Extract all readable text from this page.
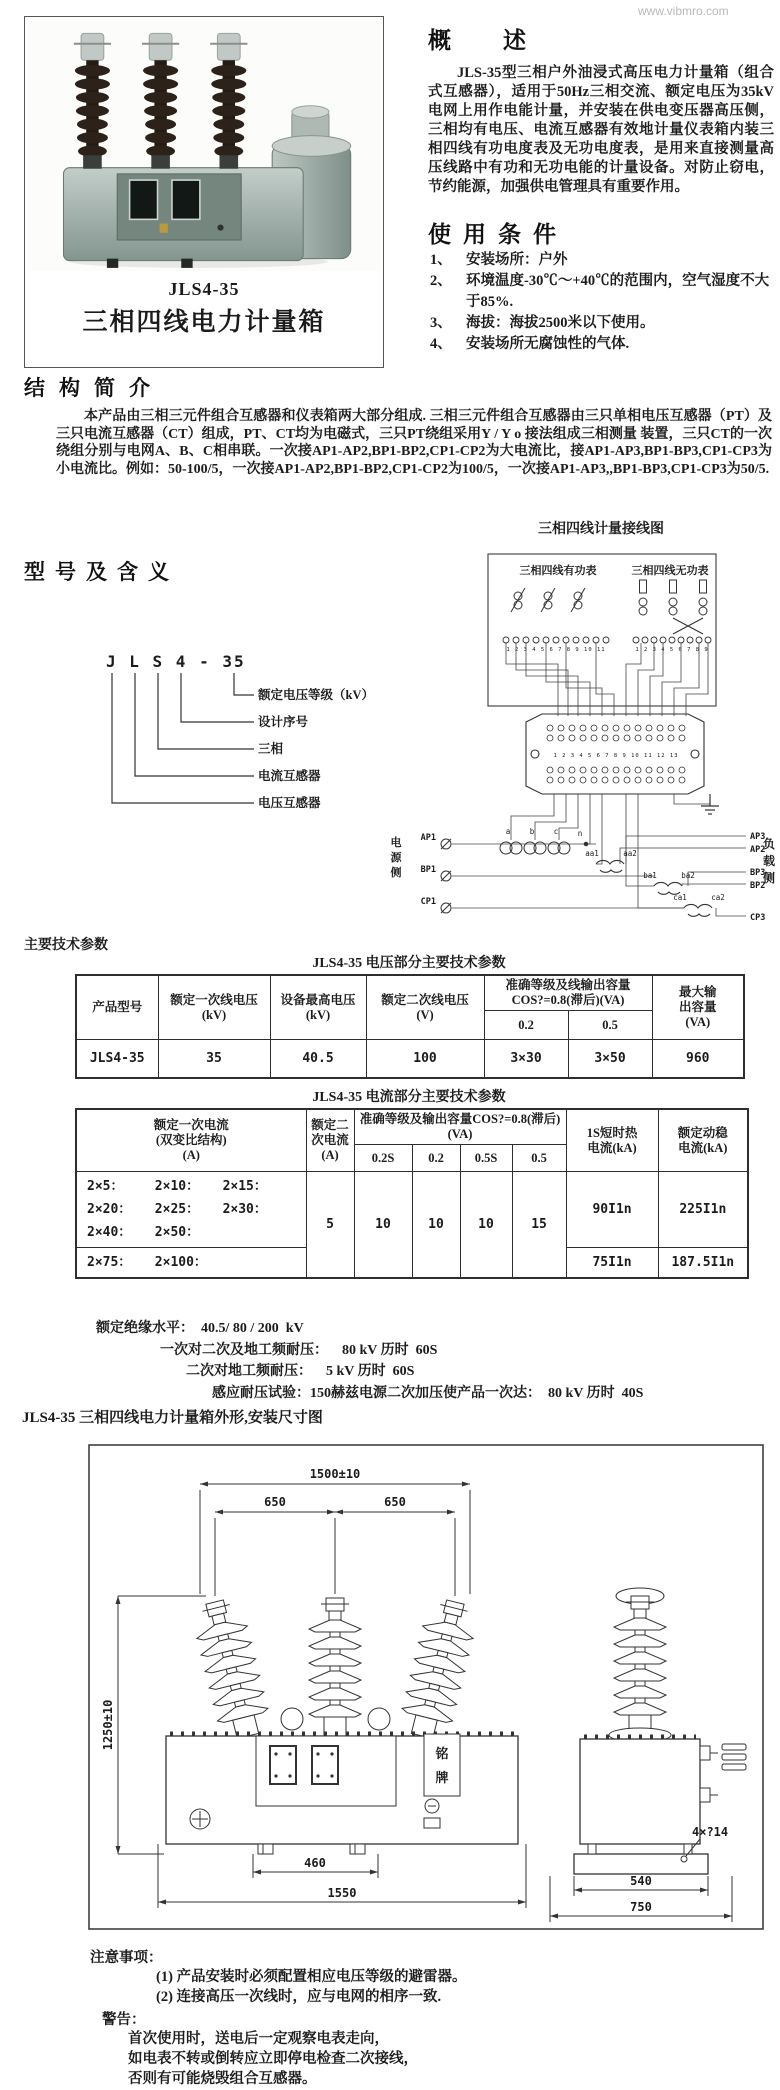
www.vibmro.com
JLS4-35
三相四线电力计量箱
概述
JLS-35型三相户外油浸式高压电力计量箱（组合式互感器），适用于50Hz三相交流、额定电压为35kV电网上用作电能计量，并安装在供电变压器高压侧，三相均有电压、电流互感器有效地计量仪表箱内装三相四线有功电度表及无功电度表，是用来直接测量高压线路中有功和无功电能的计量设备。对防止窃电，节约能源，加强供电管理具有重要作用。
使用条件
1、 安装场所：户外
2、 环境温度-30℃～+40℃的范围内，空气湿度不大于85%.
3、 海拔：海拔2500米以下使用。
4、 安装场所无腐蚀性的气体.
结构简介
本产品由三相三元件组合互感器和仪表箱两大部分组成. 三相三元件组合互感器由三只单相电压互感器（PT）及三只电流互感器（CT）组成，PT、CT均为电磁式，三只PT绕组采用Y / Y o 接法组成三相测量 装置，三只CT的一次绕组分别与电网A、B、C相串联。一次接AP1-AP2,BP1-BP2,CP1-CP2为大电流比，接AP1-AP3,BP1-BP3,CP1-CP3为小电流比。例如：50-100/5，一次接AP1-AP2,BP1-BP2,CP1-CP2为100/5，一次接AP1-AP3,,BP1-BP3,CP1-CP3为50/5.
三相四线计量接线图
型号及含义
J L S 4 - 35
额定电压等级（kV）
设计序号
三相
电流互感器
电压互感器
三相四线有功表	三相四线无功表
1 2 3 4 5 6 7 8 9 10 11	1 2 3 4 5 6 7 8 9
1 2 3 4 5 6 7 8 9 10 11 12 13
a	b	c	n
aa1	aa2
ba1	ba2
ca1	ca2
AP1
BP1
CP1
电
源
侧
AP3
AP2
BP3
BP2
CP3
负
载
侧
主要技术参数
JLS4-35 电压部分主要技术参数
产品型号	
额定一次线电压
(kV)

设备最高电压
(kV)

额定二次线电压
(V)

准确等级及线输出容量
COS?=0.8(滞后)(VA)

最大输
出容量
(VA)

				0.2	0.5	
JLS4-35	35	40.5	100	3×30	3×50	960
JLS4-35 电流部分主要技术参数
额定一次电流
(双变比结构)
(A)

额定二
次电流
(A)
	准确等级及输出容量COS?=0.8(滞后)(VA)	1S短时热
电流(kA)

额定动稳
电流(kA)

		0.2S	0.2	0.5S	0.5		

2×5：    2×10：   2×15：
2×20：   2×25：   2×30：
2×40：   2×50：	5	10	10	10	15	90I1n	225I1n
2×75：   2×100：						75I1n	187.5I1n
额定绝缘水平：  40.5/ 80 / 200  kV
一次对二次及地工频耐压：    80 kV 历时  60S
二次对地工频耐压：    5 kV 历时  60S
感应耐压试验：150赫兹电源二次加压使产品一次达：  80 kV 历时  40S
JLS4-35 三相四线电力计量箱外形,安装尺寸图
铭
牌
4×?14
1500±10
650	650
1250±10
460
1550
540
750
注意事项：
(1) 产品安装时必须配置相应电压等级的避雷器。
(2) 连接高压一次线时，应与电网的相序一致.
警告：
首次使用时，送电后一定观察电表走向，
如电表不转或倒转应立即停电检查二次接线，
否则有可能烧毁组合互感器。
